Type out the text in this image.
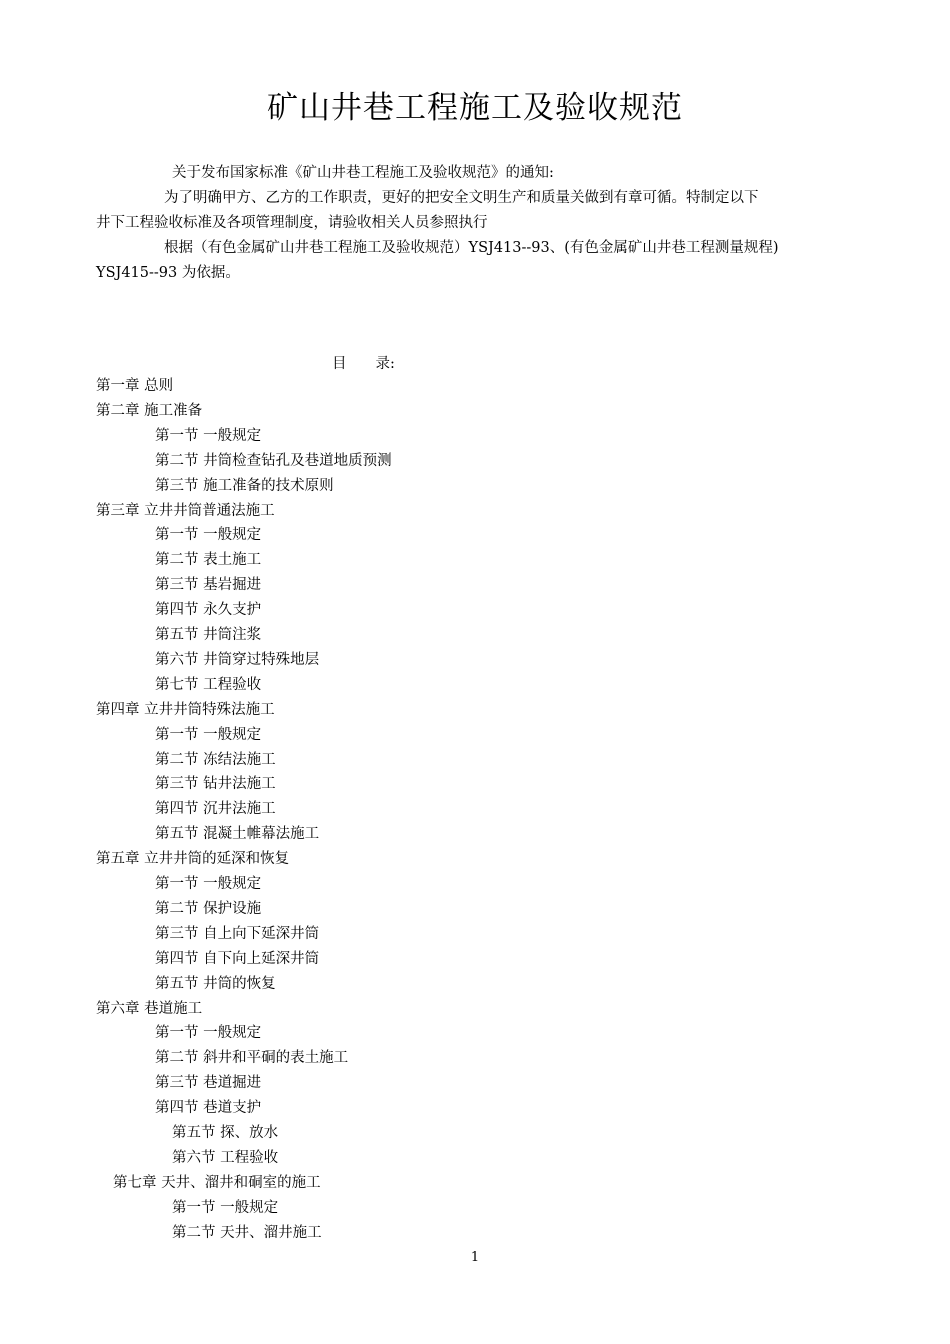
矿山井巷工程施工及验收规范
关于发布国家标准《矿山井巷工程施工及验收规范》的通知:
为了明确甲方、乙方的工作职责，更好的把安全文明生产和质量关做到有章可循。特制定以下
井下工程验收标准及各项管理制度，请验收相关人员参照执行
根据（有色金属矿山井巷工程施工及验收规范）YSJ413--93、(有色金属矿山井巷工程测量规程)
YSJ415--93 为依据。
目　　录:
第一章 总则
第二章 施工准备
第一节 一般规定
第二节 井筒检查钻孔及巷道地质预测
第三节 施工准备的技术原则
第三章 立井井筒普通法施工
第一节 一般规定
第二节 表土施工
第三节 基岩掘进
第四节 永久支护
第五节 井筒注浆
第六节 井筒穿过特殊地层
第七节 工程验收
第四章 立井井筒特殊法施工
第一节 一般规定
第二节 冻结法施工
第三节 钻井法施工
第四节 沉井法施工
第五节 混凝土帷幕法施工
第五章 立井井筒的延深和恢复
第一节 一般规定
第二节 保护设施
第三节 自上向下延深井筒
第四节 自下向上延深井筒
第五节 井筒的恢复
第六章 巷道施工
第一节 一般规定
第二节 斜井和平硐的表土施工
第三节 巷道掘进
第四节 巷道支护
第五节 探、放水
第六节 工程验收
第七章 天井、溜井和硐室的施工
第一节 一般规定
第二节 天井、溜井施工
1
